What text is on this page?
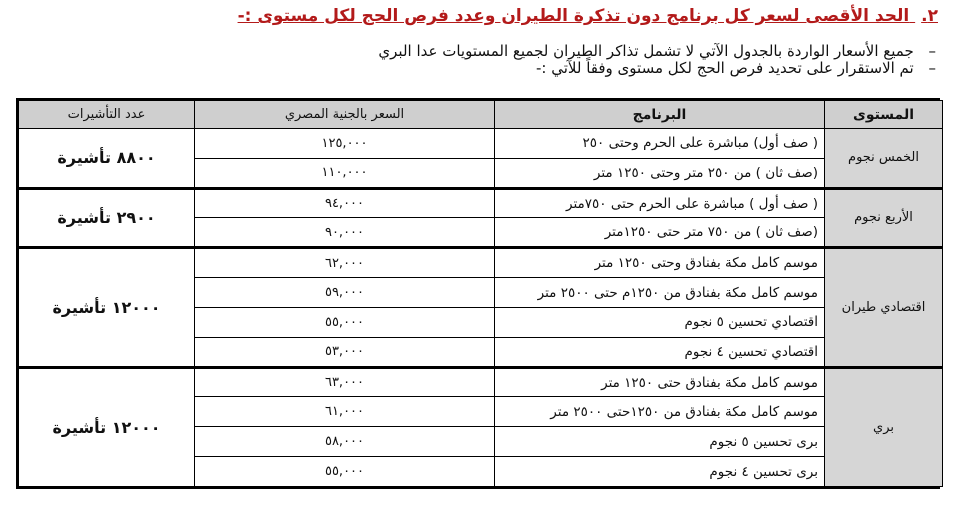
٢. الحد الأقصى لسعر كل برنامج دون تذكرة الطيران وعدد فرص الحج لكل مستوى :-
– جميع الأسعار الواردة بالجدول الآتي لا تشمل تذاكر الطيران لجميع المستويات عدا البري
– تم الاستقرار على تحديد فرص الحج لكل مستوى وفقاً للآتي :-
المستوى	البرنامج	السعر بالجنية المصري	عدد التأشيرات
الخمس نجوم	( صف أول) مباشرة على الحرم وحتى ٢٥٠	١٢٥,٠٠٠	٨٨٠٠ تأشيرة
	(صف ثان ) من ٢٥٠ متر وحتى ١٢٥٠ متر	١١٠,٠٠٠	
الأربع نجوم	( صف أول ) مباشرة على الحرم حتى ٧٥٠متر	٩٤,٠٠٠	٢٩٠٠ تأشيرة
	(صف ثان ) من ٧٥٠ متر حتى ١٢٥٠متر	٩٠,٠٠٠	
اقتصادي طيران	موسم كامل مكة بفنادق وحتى ١٢٥٠ متر	٦٢,٠٠٠	١٢٠٠٠ تأشيرة
	موسم كامل مكة بفنادق من ١٢٥٠م حتى ٢٥٠٠ متر	٥٩,٠٠٠	
	اقتصادي تحسين ٥ نجوم	٥٥,٠٠٠	
	اقتصادي تحسين ٤ نجوم	٥٣,٠٠٠	
بري	موسم كامل مكة بفنادق حتى ١٢٥٠ متر	٦٣,٠٠٠	١٢٠٠٠ تأشيرة
	موسم كامل مكة بفنادق من ١٢٥٠حتى ٢٥٠٠ متر	٦١,٠٠٠	
	برى تحسين ٥ نجوم	٥٨,٠٠٠	
	برى تحسين ٤ نجوم	٥٥,٠٠٠	
